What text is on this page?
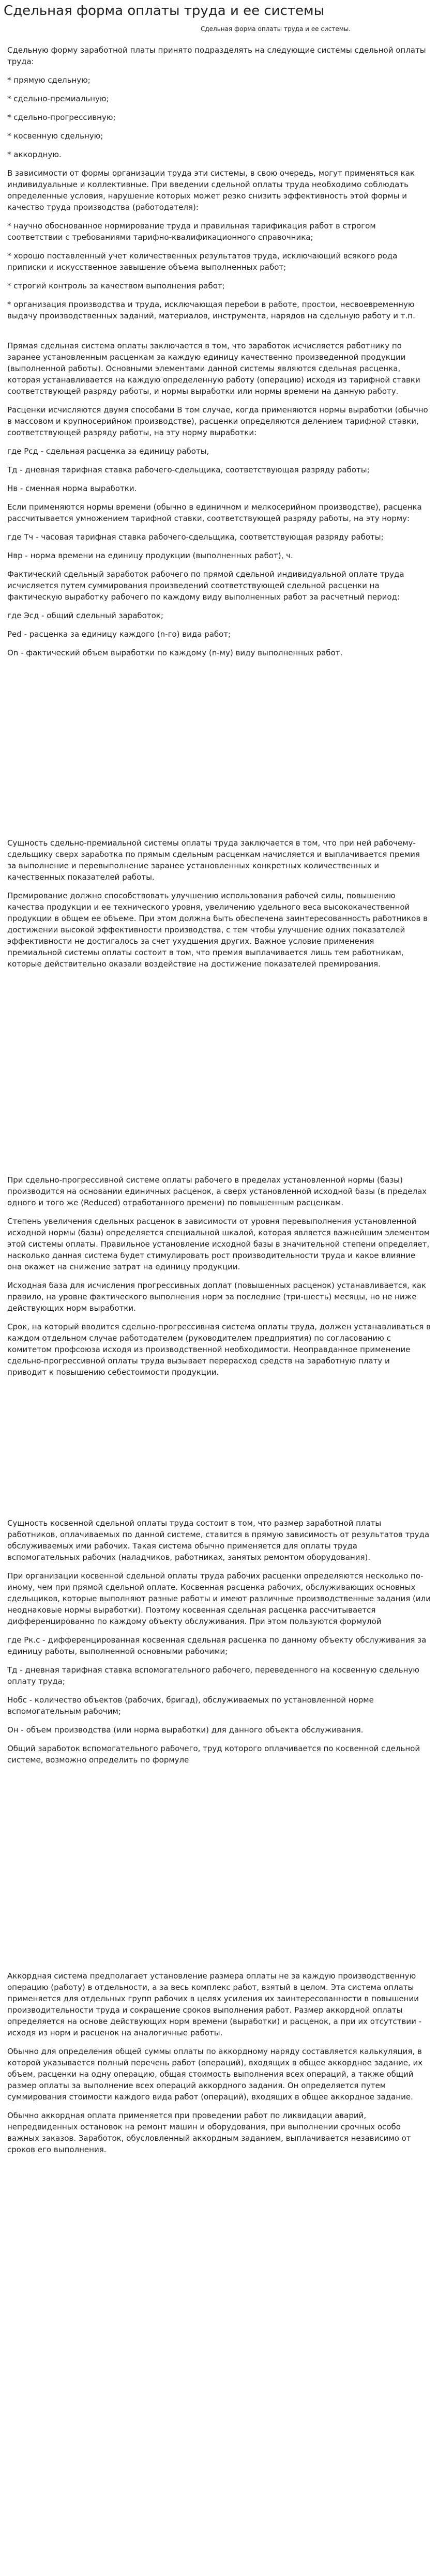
Сдельная форма оплаты труда и ее системы
Сдельная форма оплаты труда и ее системы.

Сдельную форму заработной платы принято подразделять на следующие системы сдельной оплаты труда:

* прямую сдельную;

* сдельно-премиальную;

* сдельно-прогрессивную;

* косвенную сдельную;

* аккордную.

В зависимости от формы организации труда эти системы, в свою очередь, могут применяться как индивидуальные и коллективные. При введении сдельной оплаты труда необходимо соблюдать определенные условия, нарушение которых может резко снизить эффективность этой формы и качество труда производства (работодателя):

* научно обоснованное нормирование труда и правильная тарификация работ в строгом соответствии с требованиями тарифно-квалификационного справочника;

* хорошо поставленный учет количественных результатов труда, исключающий всякого рода приписки и искусственное завышение объема выполненных работ;

* строгий контроль за качеством выполнения работ;

* организация производства и труда, исключающая перебои в работе, простои, несвоевременную выдачу производственных заданий, материалов, инструмента, нарядов на сдельную работу и т.п.

Прямая сдельная система оплаты заключается в том, что заработок исчисляется работнику по заранее установленным расценкам за каждую единицу качественно произведенной продукции (выполненной работы). Основными элементами данной системы являются сдельная расценка, которая устанавливается на каждую определенную работу (операцию) исходя из тарифной ставки соответствующей разряду работы, и нормы выработки или нормы времени на данную работу.

Расценки исчисляются двумя способами В том случае, когда применяются нормы выработки (обычно в массовом и крупносерийном производстве), расценки определяются делением тарифной ставки, соответствующей разряду работы, на эту норму выработки:

где Рсд - сдельная расценка за единицу работы,

Тд - дневная тарифная ставка рабочего-сдельщика, соответствующая разряду работы;

Нв - сменная норма выработки.

Если применяются нормы времени (обычно в единичном и мелкосерийном производстве), расценка рассчитывается умножением тарифной ставки, соответствующей разряду работы, на эту норму:

где Тч - часовая тарифная ставка рабочего-сдельщика, соответствующая разряду работы;

Нвр - норма времени на единицу продукции (выполненных работ), ч.

Фактический сдельный заработок рабочего по прямой сдельной индивидуальной оплате труда исчисляется путем суммирования произведений соответствующей сдельной расценки на фактическую выработку рабочего по каждому виду выполненных работ за расчетный период:

где Эсд - общий сдельный заработок;

Рed - расценка за единицу каждого (n-го) вида работ;

On - фактический объем выработки по каждому (n-му) виду выполненных работ.

Сущность сдельно-премиальной системы оплаты труда заключается в том, что при ней рабочему-сдельщику сверх заработка по прямым сдельным расценкам начисляется и выплачивается премия за выполнение и перевыполнение заранее установленных конкретных количественных и качественных показателей работы.

Премирование должно способствовать улучшению использования рабочей силы, повышению качества продукции и ее технического уровня, увеличению удельного веса высококачественной продукции в общем ее объеме. При этом должна быть обеспечена заинтересованность работников в достижении высокой эффективности производства, с тем чтобы улучшение одних показателей эффективности не достигалось за счет ухудшения других. Важное условие применения премиальной системы оплаты состоит в том, что премия выплачивается лишь тем работникам, которые действительно оказали воздействие на достижение показателей премирования.

При сдельно-прогрессивной системе оплаты рабочего в пределах установленной нормы (базы) производится на основании единичных расценок, а сверх установленной исходной базы (в пределах одного и того же (Reduced) отработанного времени) по повышенным расценкам.

Степень увеличения сдельных расценок в зависимости от уровня перевыполнения установленной исходной нормы (базы) определяется специальной шкалой, которая является важнейшим элементом этой системы оплаты. Правильное установление исходной базы в значительной степени определяет, насколько данная система будет стимулировать рост производительности труда и какое влияние она окажет на снижение затрат на единицу продукции.

Исходная база для исчисления прогрессивных доплат (повышенных расценок) устанавливается, как правило, на уровне фактического выполнения норм за последние (три-шесть) месяцы, но не ниже действующих норм выработки.

Срок, на который вводится сдельно-прогрессивная система оплаты труда, должен устанавливаться в каждом отдельном случае работодателем (руководителем предприятия) по согласованию с комитетом профсоюза исходя из производственной необходимости. Неоправданное применение сдельно-прогрессивной оплаты труда вызывает перерасход средств на заработную плату и приводит к повышению себестоимости продукции.

Сущность косвенной сдельной оплаты труда состоит в том, что размер заработной платы работников, оплачиваемых по данной системе, ставится в прямую зависимость от результатов труда обслуживаемых ими рабочих. Такая система обычно применяется для оплаты труда вспомогательных рабочих (наладчиков, работниках, занятых ремонтом оборудования).

При организации косвенной сдельной оплаты труда рабочих расценки определяются несколько по-иному, чем при прямой сдельной оплате. Косвенная расценка рабочих, обслуживающих основных сдельщиков, которые выполняют разные работы и имеют различные производственные задания (или неоднаковые нормы выработки). Поэтому косвенная сдельная расценка рассчитывается дифференцированно по каждому объекту обслуживания. При этом пользуются формулой

где Рк.с - дифференцированная косвенная сдельная расценка по данному объекту обслуживания за единицу работы, выполненной основными рабочими;

Тд - дневная тарифная ставка вспомогательного рабочего, переведенного на косвенную сдельную оплату труда;

Нобс - количество объектов (рабочих, бригад), обслуживаемых по установленной норме вспомогательным рабочим;

Он - объем производства (или норма выработки) для данного объекта обслуживания.

Общий заработок вспомогательного рабочего, труд которого оплачивается по косвенной сдельной системе, возможно определить по формуле

Аккордная система предполагает установление размера оплаты не за каждую производственную операцию (работу) в отдельности, а за весь комплекс работ, взятый в целом. Эта система оплаты применяется для отдельных групп рабочих в целях усиления их заинтересованности в повышении производительности труда и сокращение сроков выполнения работ. Размер аккордной оплаты определяется на основе действующих норм времени (выработки) и расценок, а при их отсутствии - исходя из норм и расценок на аналогичные работы.

Обычно для определения общей суммы оплаты по аккордному наряду составляется калькуляция, в которой указывается полный перечень работ (операций), входящих в общее аккордное задание, их объем, расценки на одну операцию, общая стоимость выполнения всех операций, а также общий размер оплаты за выполнение всех операций аккордного задания. Он определяется путем суммирования стоимости каждого вида работ (операций), входящих в общее аккордное задание.

Обычно аккордная оплата применяется при проведении работ по ликвидации аварий, непредвиденных остановок на ремонт машин и оборудования, при выполнении срочных особо важных заказов. Заработок, обусловленный аккордным заданием, выплачивается независимо от сроков его выполнения.
